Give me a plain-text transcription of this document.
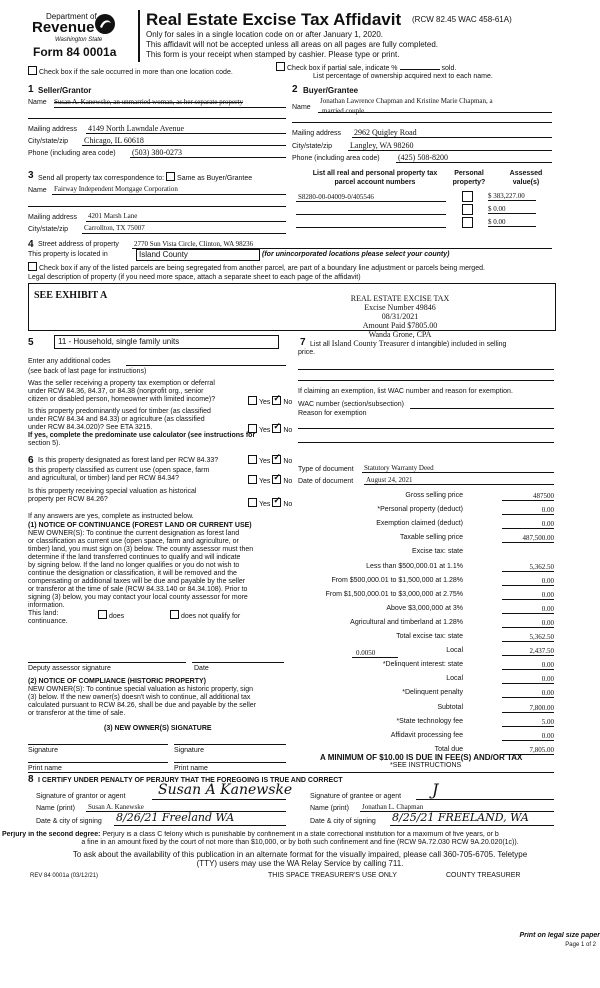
Department of
Revenue
Washington State
Form 84 0001a
Real Estate Excise Tax Affidavit (RCW 82.45 WAC 458-61A)
Only for sales in a single location code on or after January 1, 2020.
This affidavit will not be accepted unless all areas on all pages are fully completed.
This form is your receipt when stamped by cashier. Please type or print.
Check box if the sale occurred in more than one location code.
Check box if partial sale, indicate %	sold.
List percentage of ownership acquired next to each name.
1 Seller/Grantor
Name Susan A. Kanewske, an unmarried woman, as her separate property
Mailing address 4149 North Lawndale Avenue
City/state/zip Chicago, IL 60618
Phone (including area code) (503) 380-0273
2 Buyer/Grantee
Name
Jonathan Lawrence Chapman and Kristine Marie Chapman, a
married couple
Mailing address 2962 Quigley Road
City/state/zip Langley, WA 98260
Phone (including area code) (425) 508-8200
3 Send all property tax correspondence to: Same as Buyer/Grantee
Name Fairway Independent Mortgage Corporation
Mailing address 4201 Marsh Lane
City/state/zip Carrollton, TX 75007
List all real and personal property tax
parcel account numbers
Personal
property?
Assessed
value(s)
S8280-00-04009-0/405546	$ 383,227.00
$ 0.00
$ 0.00
4 Street address of property 2770 Sun Vista Circle, Clinton, WA 98236
This property is located in	Island County	(for unincorporated locations please select your county)
Check box if any of the listed parcels are being segregated from another parcel, are part of a boundary line adjustment or parcels being merged.
Legal description of property (if you need more space, attach a separate sheet to each page of the affidavit)
SEE EXHIBIT A	REAL ESTATE EXCISE TAX
Excise Number 49846
08/31/2021
Amount Paid $7805.00
Wanda Grone, CPA
5	11 - Household, single family units
Enter any additional codes
(see back of last page for instructions)
Was the seller receiving a property tax exemption or deferral
under RCW 84.36, 84.37, or 84.38 (nonprofit org., senior
citizen or disabled person, homeowner with limited income)?	Yes ✓ No
Is this property predominantly used for timber (as classified
under RCW 84.34 and 84.33) or agriculture (as classified
under RCW 84.34.020)? See ETA 3215.	Yes ✓ No
If yes, complete the predominate use calculator (see instructions for
section 5).
6 Is this property designated as forest land per RCW 84.33?	Yes ✓ No
Is this property classified as current use (open space, farm
and agricultural, or timber) land per RCW 84.34?	Yes ✓ No
Is this property receiving special valuation as historical
property per RCW 84.26?
Yes ✓ No
If any answers are yes, complete as instructed below.
(1) NOTICE OF CONTINUANCE (FOREST LAND OR CURRENT USE)
NEW OWNER(S): To continue the current designation as forest land
or classification as current use (open space, farm and agriculture, or
timber) land, you must sign on (3) below. The county assessor must then
determine if the land transferred continues to qualify and will indicate
by signing below. If the land no longer qualifies or you do not wish to
continue the designation or classification, it will be removed and the
compensating or additional taxes will be due and payable by the seller
or transferor at the time of sale (RCW 84.33.140 or 84.34.108). Prior to
signing (3) below, you may contact your local county assessor for more
information.
This land:	does	does not qualify for
continuance.
Deputy assessor signature	Date
(2) NOTICE OF COMPLIANCE (HISTORIC PROPERTY)
NEW OWNER(S): To continue special valuation as historic property, sign
(3) below. If the new owner(s) doesn't wish to continue, all additional tax
calculated pursuant to RCW 84.26, shall be due and payable by the seller
or transferor at the time of sale.
(3) NEW OWNER(S) SIGNATURE
Signature	Signature
Print name	Print name
7 List all Island County Treasurer d intangible) included in selling
price.
If claiming an exemption, list WAC number and reason for exemption.
WAC number (section/subsection)
Reason for exemption
Type of document Statutory Warranty Deed
Date of document August 24, 2021
Gross selling price	487500
*Personal property (deduct)	0.00
Exemption claimed (deduct)	0.00
Taxable selling price	487,500.00
Excise tax: state
Less than $500,000.01 at 1.1%	5,362.50
From $500,000.01 to $1,500,000 at 1.28%	0.00
From $1,500,000.01 to $3,000,000 at 2.75%	0.00
Above $3,000,000 at 3%	0.00
Agricultural and timberland at 1.28%	0.00
Total excise tax: state	5,362.50
Local	2,437.50
*Delinquent interest: state	0.00
Local	0.00
*Delinquent penalty	0.00
Subtotal	7,800.00
*State technology fee	5.00
Affidavit processing fee	0.00
Total due	7,805.00
0.0050
A MINIMUM OF $10.00 IS DUE IN FEE(S) AND/OR TAX
*SEE INSTRUCTIONS
8 I CERTIFY UNDER PENALTY OF PERJURY THAT THE FOREGOING IS TRUE AND CORRECT
Signature of grantor or agent Susan A Kanewske
Name (print) Susan A. Kanewske
Date & city of signing 8/26/21 Freeland WA
Signature of grantee or agent J
Name (print) Jonathan L. Chapman
Date & city of signing 8/25/21 FREELAND, WA
Perjury in the second degree: Perjury is a class C felony which is punishable by confinement in a state correctional institution for a maximum of five years, or b
a fine in an amount fixed by the court of not more than $10,000, or by both such confinement and fine (RCW 9A.72.030 RCW 9A.20.020(1c)).
To ask about the availability of this publication in an alternate format for the visually impaired, please call 360-705-6705. Teletype
(TTY) users may use the WA Relay Service by calling 711.
REV 84 0001a (03/12/21)	THIS SPACE TREASURER'S USE ONLY	COUNTY TREASURER
Print on legal size paper
Page 1 of 2
